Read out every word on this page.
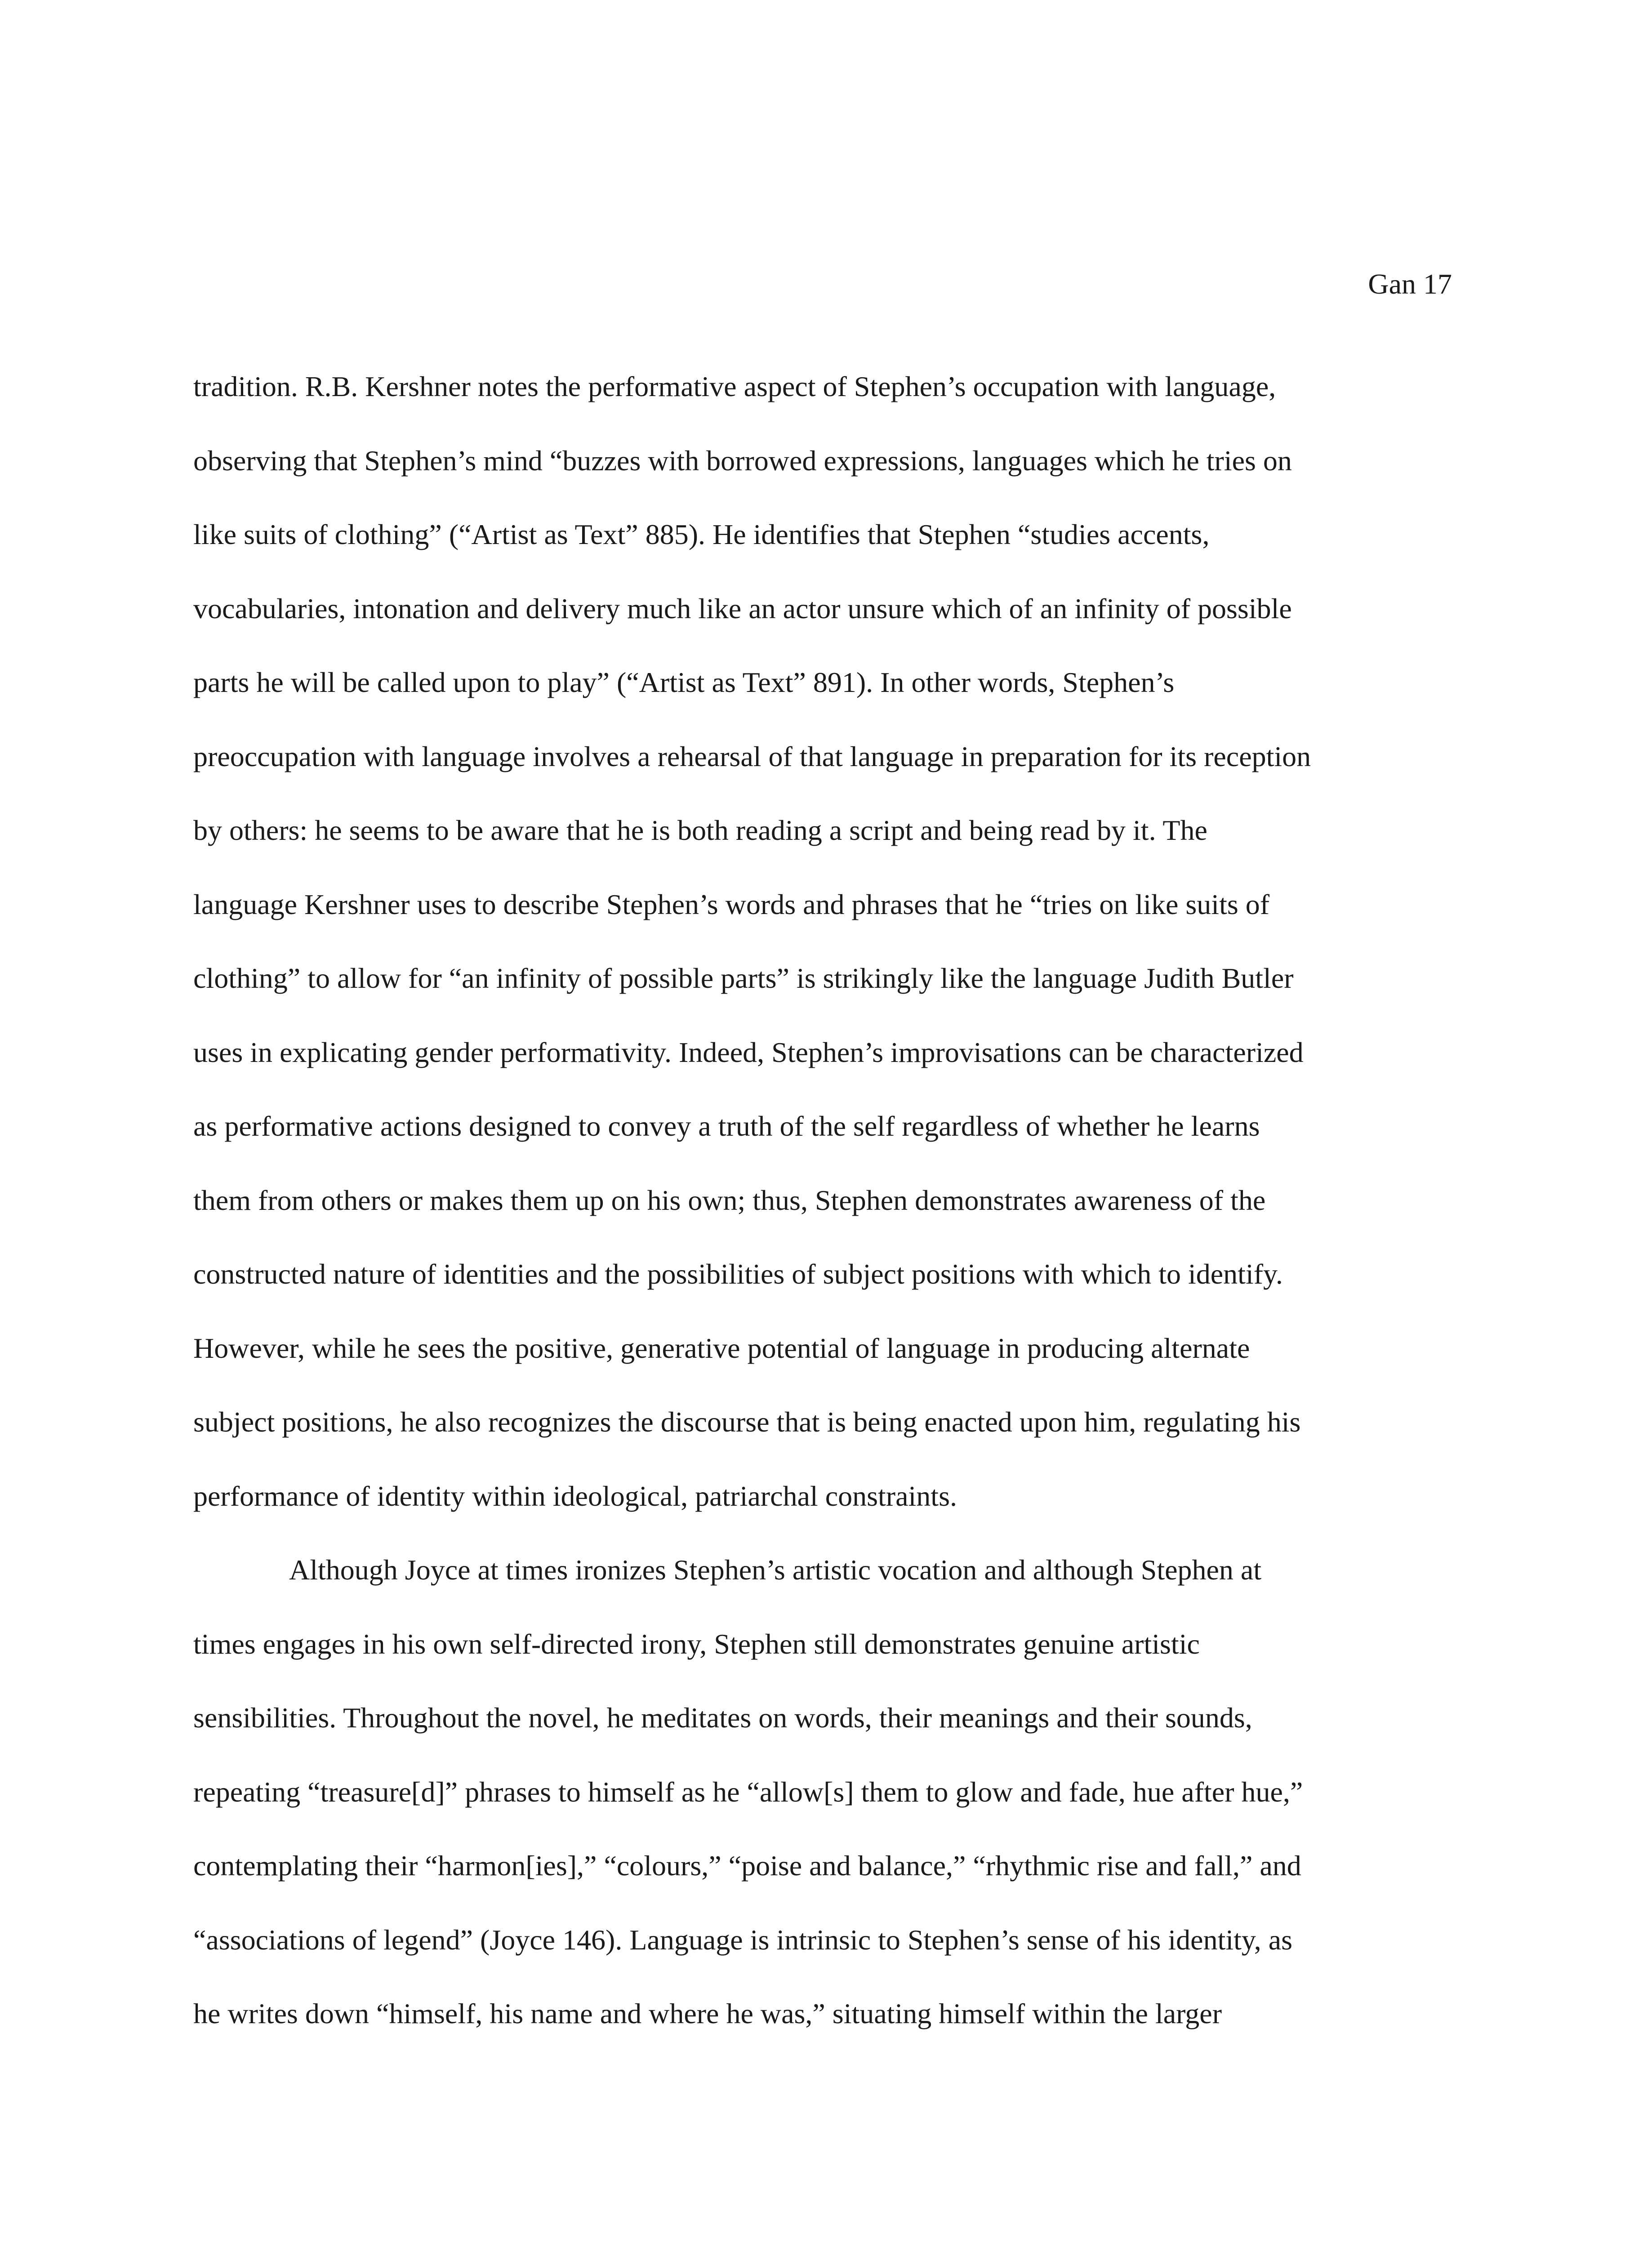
Gan 17
tradition. R.B. Kershner notes the performative aspect of Stephen’s occupation with language,
observing that Stephen’s mind “buzzes with borrowed expressions, languages which he tries on
like suits of clothing” (“Artist as Text” 885). He identifies that Stephen “studies accents,
vocabularies, intonation and delivery much like an actor unsure which of an infinity of possible
parts he will be called upon to play” (“Artist as Text” 891). In other words, Stephen’s
preoccupation with language involves a rehearsal of that language in preparation for its reception
by others: he seems to be aware that he is both reading a script and being read by it. The
language Kershner uses to describe Stephen’s words and phrases that he “tries on like suits of
clothing” to allow for “an infinity of possible parts” is strikingly like the language Judith Butler
uses in explicating gender performativity. Indeed, Stephen’s improvisations can be characterized
as performative actions designed to convey a truth of the self regardless of whether he learns
them from others or makes them up on his own; thus, Stephen demonstrates awareness of the
constructed nature of identities and the possibilities of subject positions with which to identify.
However, while he sees the positive, generative potential of language in producing alternate
subject positions, he also recognizes the discourse that is being enacted upon him, regulating his
performance of identity within ideological, patriarchal constraints.
Although Joyce at times ironizes Stephen’s artistic vocation and although Stephen at
times engages in his own self-directed irony, Stephen still demonstrates genuine artistic
sensibilities. Throughout the novel, he meditates on words, their meanings and their sounds,
repeating “treasure[d]” phrases to himself as he “allow[s] them to glow and fade, hue after hue,”
contemplating their “harmon[ies],” “colours,” “poise and balance,” “rhythmic rise and fall,” and
“associations of legend” (Joyce 146). Language is intrinsic to Stephen’s sense of his identity, as
he writes down “himself, his name and where he was,” situating himself within the larger
